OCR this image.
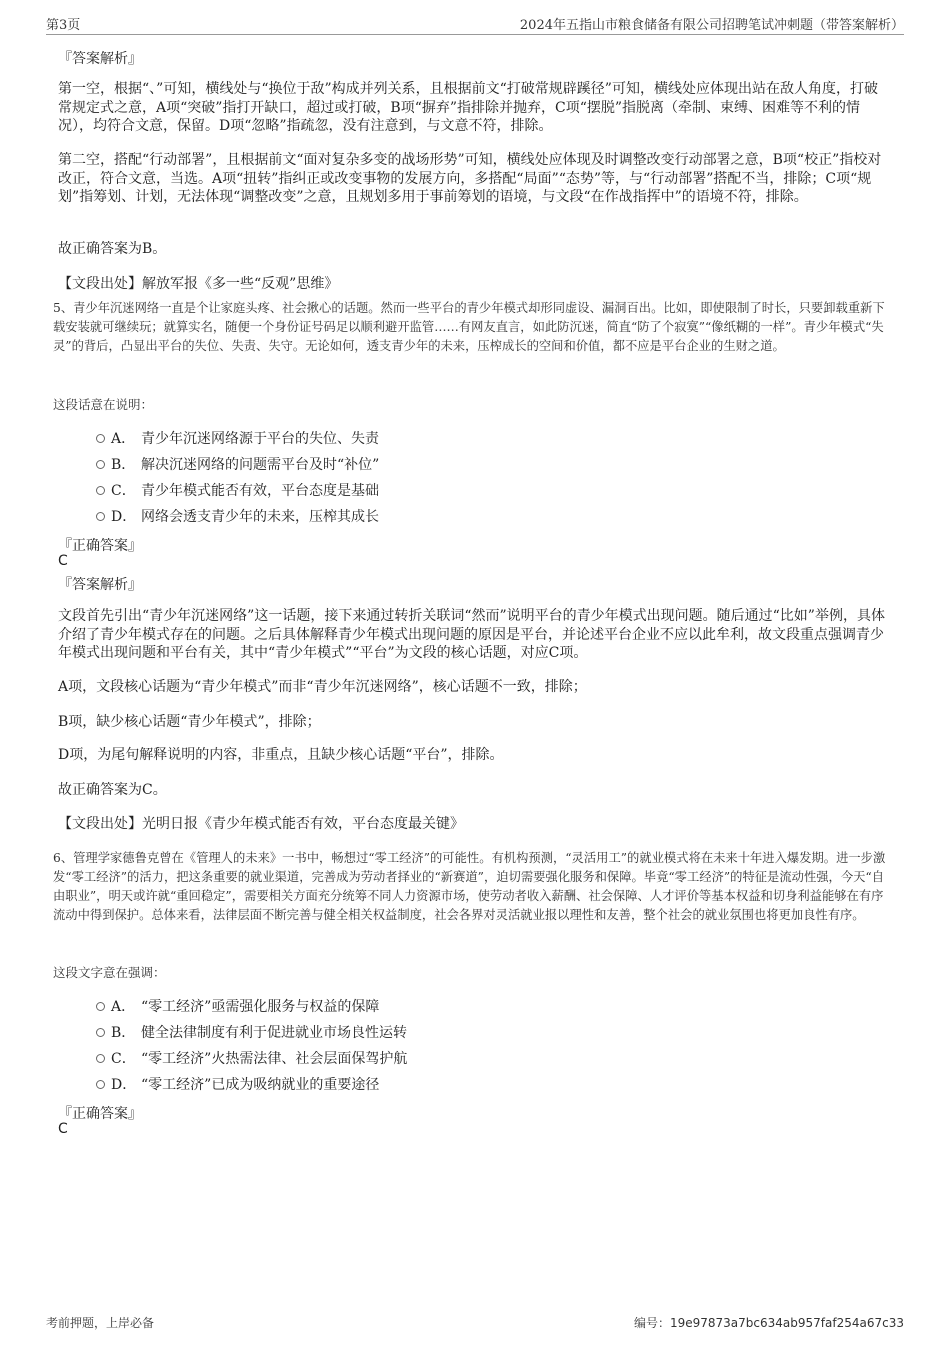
第3页	2024年五指山市粮食储备有限公司招聘笔试冲刺题（带答案解析）
『答案解析』
第一空，根据“、”可知，横线处与“换位于敌”构成并列关系，且根据前文“打破常规辟蹊径”可知，横线处应体现出站在敌人角度，打破常规定式之意，A项“突破”指打开缺口，超过或打破，B项“摒弃”指排除并抛弃，C项“摆脱”指脱离（牵制、束缚、困难等不利的情况），均符合文意，保留。D项“忽略”指疏忽，没有注意到，与文意不符，排除。
第二空，搭配“行动部署”，且根据前文“面对复杂多变的战场形势”可知，横线处应体现及时调整改变行动部署之意，B项“校正”指校对改正，符合文意，当选。A项“扭转”指纠正或改变事物的发展方向，多搭配“局面”“态势”等，与“行动部署”搭配不当，排除；C项“规划”指筹划、计划，无法体现“调整改变”之意，且规划多用于事前筹划的语境，与文段“在作战指挥中”的语境不符，排除。
故正确答案为B。
【文段出处】解放军报《多一些“反观”思维》
5、青少年沉迷网络一直是个让家庭头疼、社会揪心的话题。然而一些平台的青少年模式却形同虚设、漏洞百出。比如，即使限制了时长，只要卸载重新下载安装就可继续玩；就算实名，随便一个身份证号码足以顺利避开监管……有网友直言，如此防沉迷，简直“防了个寂寞”“像纸糊的一样”。青少年模式“失灵”的背后，凸显出平台的失位、失责、失守。无论如何，透支青少年的未来，压榨成长的空间和价值，都不应是平台企业的生财之道。
这段话意在说明：
A． 青少年沉迷网络源于平台的失位、失责
B． 解决沉迷网络的问题需平台及时“补位”
C． 青少年模式能否有效，平台态度是基础
D． 网络会透支青少年的未来，压榨其成长
『正确答案』
C
『答案解析』
文段首先引出“青少年沉迷网络”这一话题，接下来通过转折关联词“然而”说明平台的青少年模式出现问题。随后通过“比如”举例，具体介绍了青少年模式存在的问题。之后具体解释青少年模式出现问题的原因是平台，并论述平台企业不应以此牟利，故文段重点强调青少年模式出现问题和平台有关，其中“青少年模式”“平台”为文段的核心话题，对应C项。
A项，文段核心话题为“青少年模式”而非“青少年沉迷网络”，核心话题不一致，排除；
B项，缺少核心话题“青少年模式”，排除；
D项，为尾句解释说明的内容，非重点，且缺少核心话题“平台”，排除。
故正确答案为C。
【文段出处】光明日报《青少年模式能否有效，平台态度最关键》
6、管理学家德鲁克曾在《管理人的未来》一书中，畅想过“零工经济”的可能性。有机构预测，“灵活用工”的就业模式将在未来十年进入爆发期。进一步激发“零工经济”的活力，把这条重要的就业渠道，完善成为劳动者择业的“新赛道”，迫切需要强化服务和保障。毕竟“零工经济”的特征是流动性强，今天“自由职业”，明天或许就“重回稳定”，需要相关方面充分统筹不同人力资源市场，使劳动者收入薪酬、社会保障、人才评价等基本权益和切身利益能够在有序流动中得到保护。总体来看，法律层面不断完善与健全相关权益制度，社会各界对灵活就业报以理性和友善，整个社会的就业氛围也将更加良性有序。
这段文字意在强调：
A． “零工经济”亟需强化服务与权益的保障
B． 健全法律制度有利于促进就业市场良性运转
C． “零工经济”火热需法律、社会层面保驾护航
D． “零工经济”已成为吸纳就业的重要途径
『正确答案』
C
考前押题，上岸必备	编号：19e97873a7bc634ab957faf254a67c33
